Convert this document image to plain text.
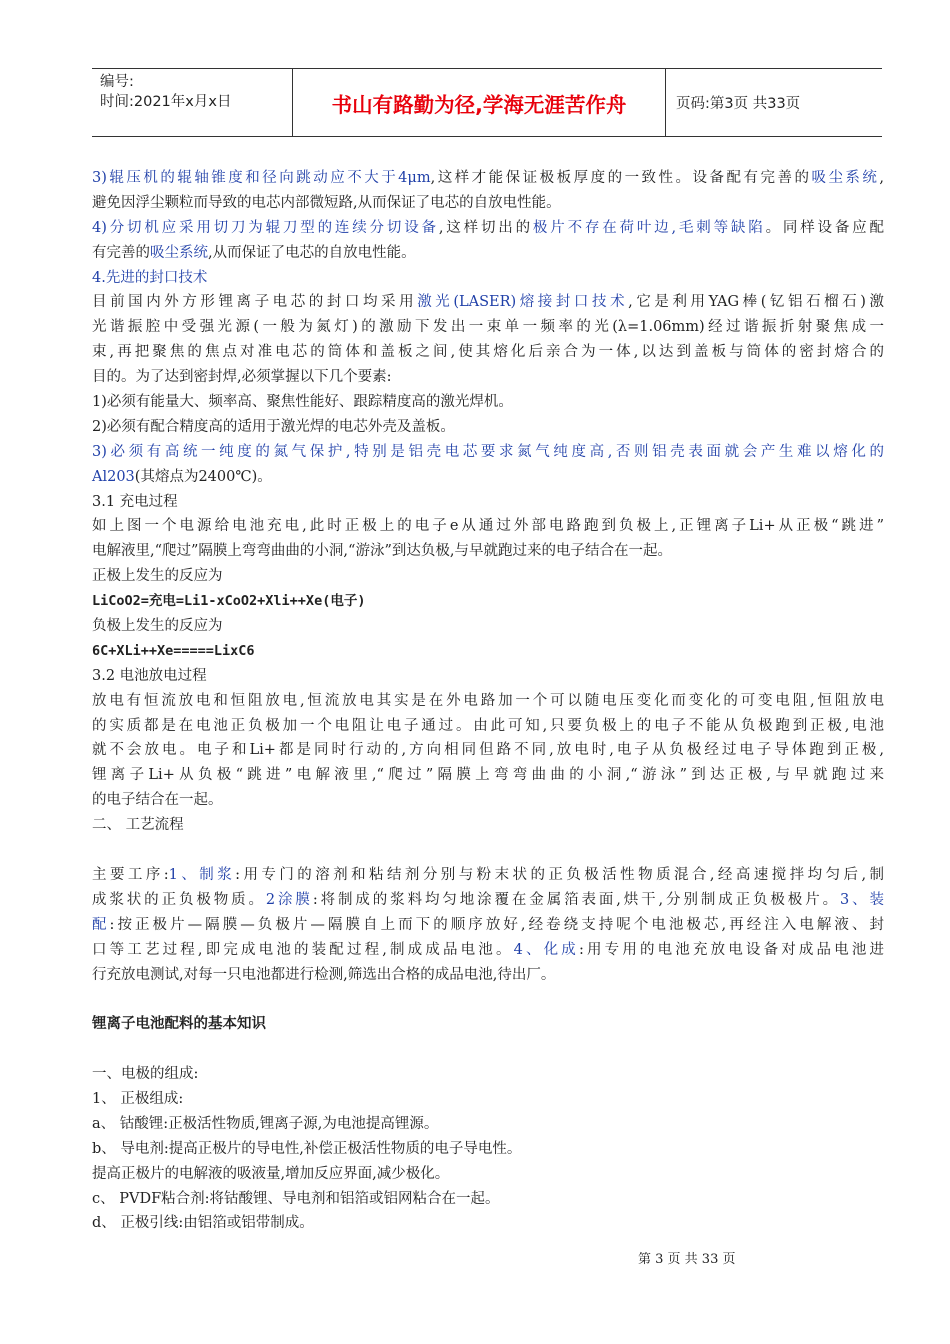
编号:
时间:2021年x月x日	书山有路勤为径,学海无涯苦作舟	页码:第3页 共33页
3)辊压机的辊轴锥度和径向跳动应不大于4μm,这样才能保证极板厚度的一致性。设备配有完善的吸尘系统,
避免因浮尘颗粒而导致的电芯内部微短路,从而保证了电芯的自放电性能。
4)分切机应采用切刀为辊刀型的连续分切设备,这样切出的极片不存在荷叶边,毛刺等缺陷。同样设备应配
有完善的吸尘系统,从而保证了电芯的自放电性能。
4.先进的封口技术
目前国内外方形锂离子电芯的封口均采用激光(LASER)熔接封口技术,它是利用YAG棒(钇铝石榴石)激
光谐振腔中受强光源(一般为氮灯)的激励下发出一束单一频率的光(λ=1.06mm)经过谐振折射聚焦成一
束,再把聚焦的焦点对准电芯的筒体和盖板之间,使其熔化后亲合为一体,以达到盖板与筒体的密封熔合的
目的。为了达到密封焊,必须掌握以下几个要素:
1)必须有能量大、频率高、聚焦性能好、跟踪精度高的激光焊机。
2)必须有配合精度高的适用于激光焊的电芯外壳及盖板。
3)必须有高统一纯度的氮气保护,特别是铝壳电芯要求氮气纯度高,否则铝壳表面就会产生难以熔化的
Al203(其熔点为2400℃)。
3.1 充电过程
如上图一个电源给电池充电,此时正极上的电子e从通过外部电路跑到负极上,正锂离子Li+从正极“跳进”
电解液里,“爬过”隔膜上弯弯曲曲的小洞,“游泳”到达负极,与早就跑过来的电子结合在一起。
正极上发生的反应为
LiCoO2=充电=Li1-xCoO2+Xli++Xe(电子)
负极上发生的反应为
6C+XLi++Xe=====LixC6
3.2 电池放电过程
放电有恒流放电和恒阻放电,恒流放电其实是在外电路加一个可以随电压变化而变化的可变电阻,恒阻放电
的实质都是在电池正负极加一个电阻让电子通过。由此可知,只要负极上的电子不能从负极跑到正极,电池
就不会放电。电子和Li+都是同时行动的,方向相同但路不同,放电时,电子从负极经过电子导体跑到正极,
锂离子Li+从负极“跳进”电解液里,“爬过”隔膜上弯弯曲曲的小洞,“游泳”到达正极,与早就跑过来
的电子结合在一起。
二、 工艺流程
主要工序:1、制浆:用专门的溶剂和粘结剂分别与粉末状的正负极活性物质混合,经高速搅拌均匀后,制
成浆状的正负极物质。2涂膜:将制成的浆料均匀地涂覆在金属箔表面,烘干,分别制成正负极极片。3、装
配:按正极片—隔膜—负极片—隔膜自上而下的顺序放好,经卷绕支持呢个电池极芯,再经注入电解液、封
口等工艺过程,即完成电池的装配过程,制成成品电池。4、化成:用专用的电池充放电设备对成品电池进
行充放电测试,对每一只电池都进行检测,筛选出合格的成品电池,待出厂。
锂离子电池配料的基本知识
一、电极的组成:
1、 正极组成:
a、 钴酸锂:正极活性物质,锂离子源,为电池提高锂源。
b、 导电剂:提高正极片的导电性,补偿正极活性物质的电子导电性。
提高正极片的电解液的吸液量,增加反应界面,减少极化。
c、 PVDF粘合剂:将钴酸锂、导电剂和铝箔或铝网粘合在一起。
d、 正极引线:由铝箔或铝带制成。
第 3 页 共 33 页
